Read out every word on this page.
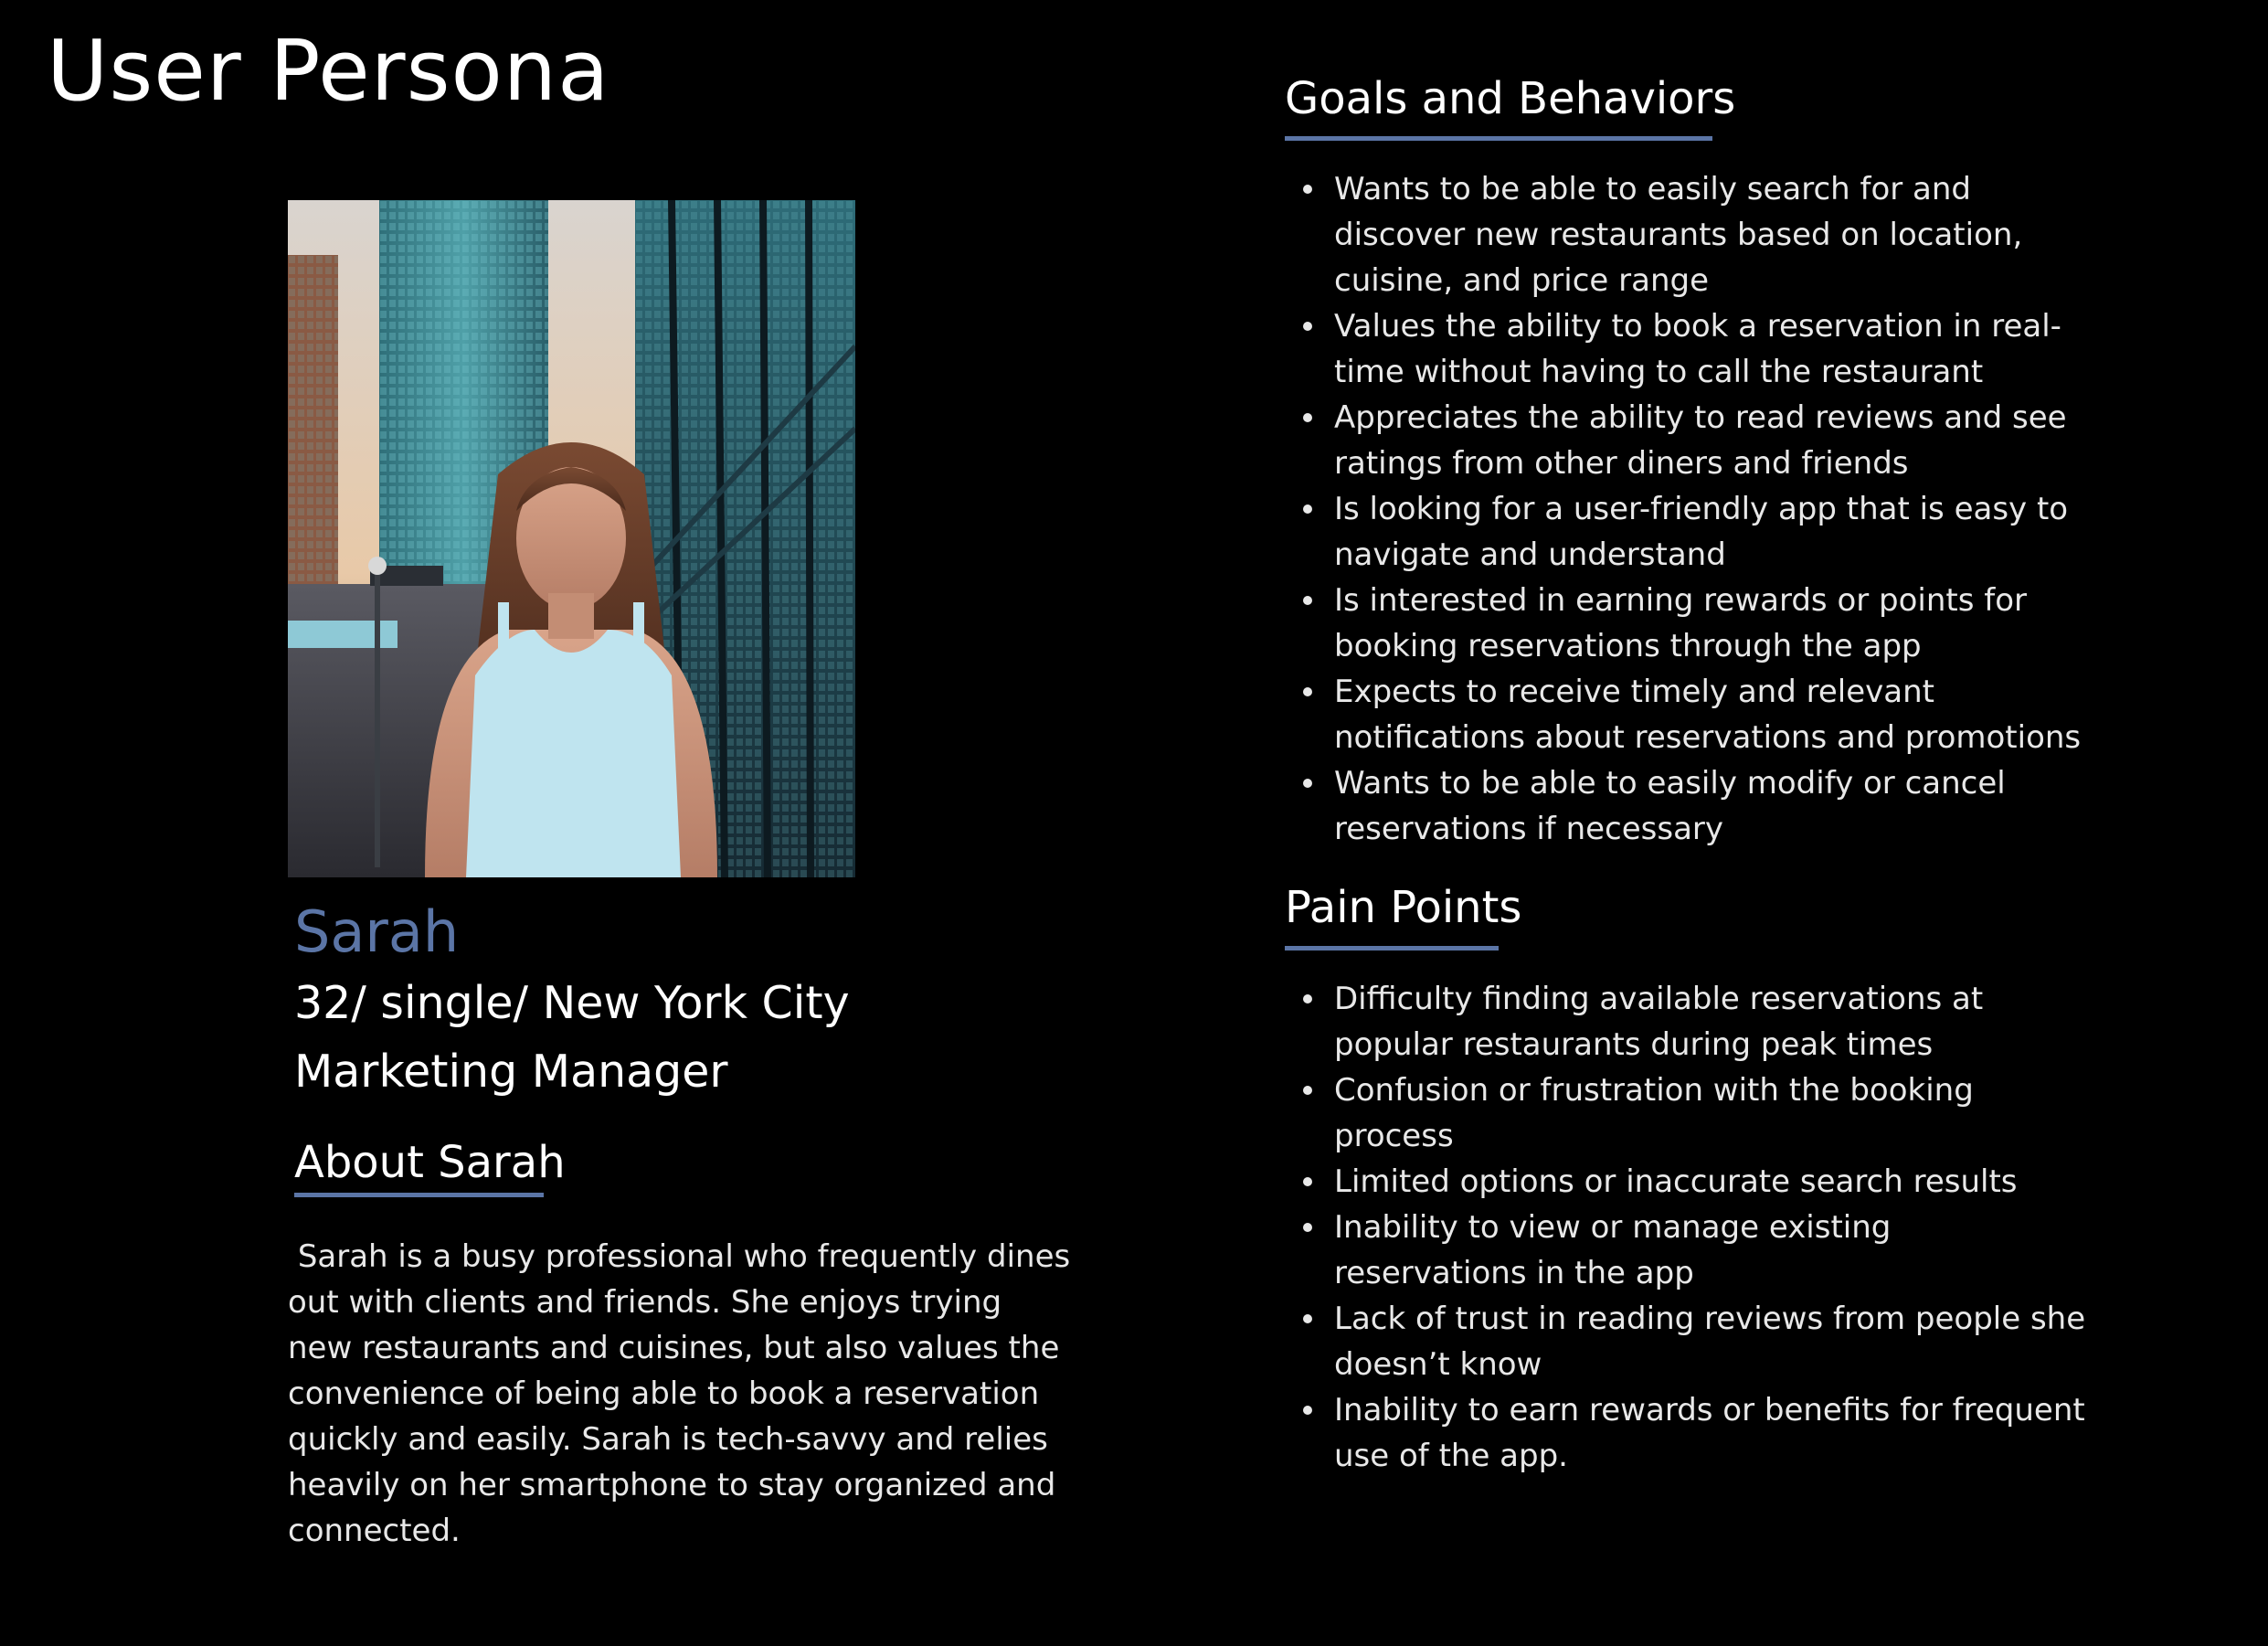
User Persona
Sarah

32/ single/ New York City

Marketing Manager

About Sarah

Sarah is a busy professional who frequently dines out with clients and friends. She enjoys trying new restaurants and cuisines, but also values the convenience of being able to book a reservation quickly and easily. Sarah is tech-savvy and relies heavily on her smartphone to stay organized and connected.

Goals and Behaviors
Wants to be able to easily search for and discover new restaurants based on location, cuisine, and price range
Values the ability to book a reservation in real-time without having to call the restaurant
Appreciates the ability to read reviews and see ratings from other diners and friends
Is looking for a user-friendly app that is easy to navigate and understand
Is interested in earning rewards or points for booking reservations through the app
Expects to receive timely and relevant notifications about reservations and promotions
Wants to be able to easily modify or cancel reservations if necessary
Pain Points
Difficulty finding available reservations at popular restaurants during peak times
Confusion or frustration with the booking process
Limited options or inaccurate search results
Inability to view or manage existing reservations in the app
Lack of trust in reading reviews from people she doesn’t know
Inability to earn rewards or benefits for frequent use of the app.
